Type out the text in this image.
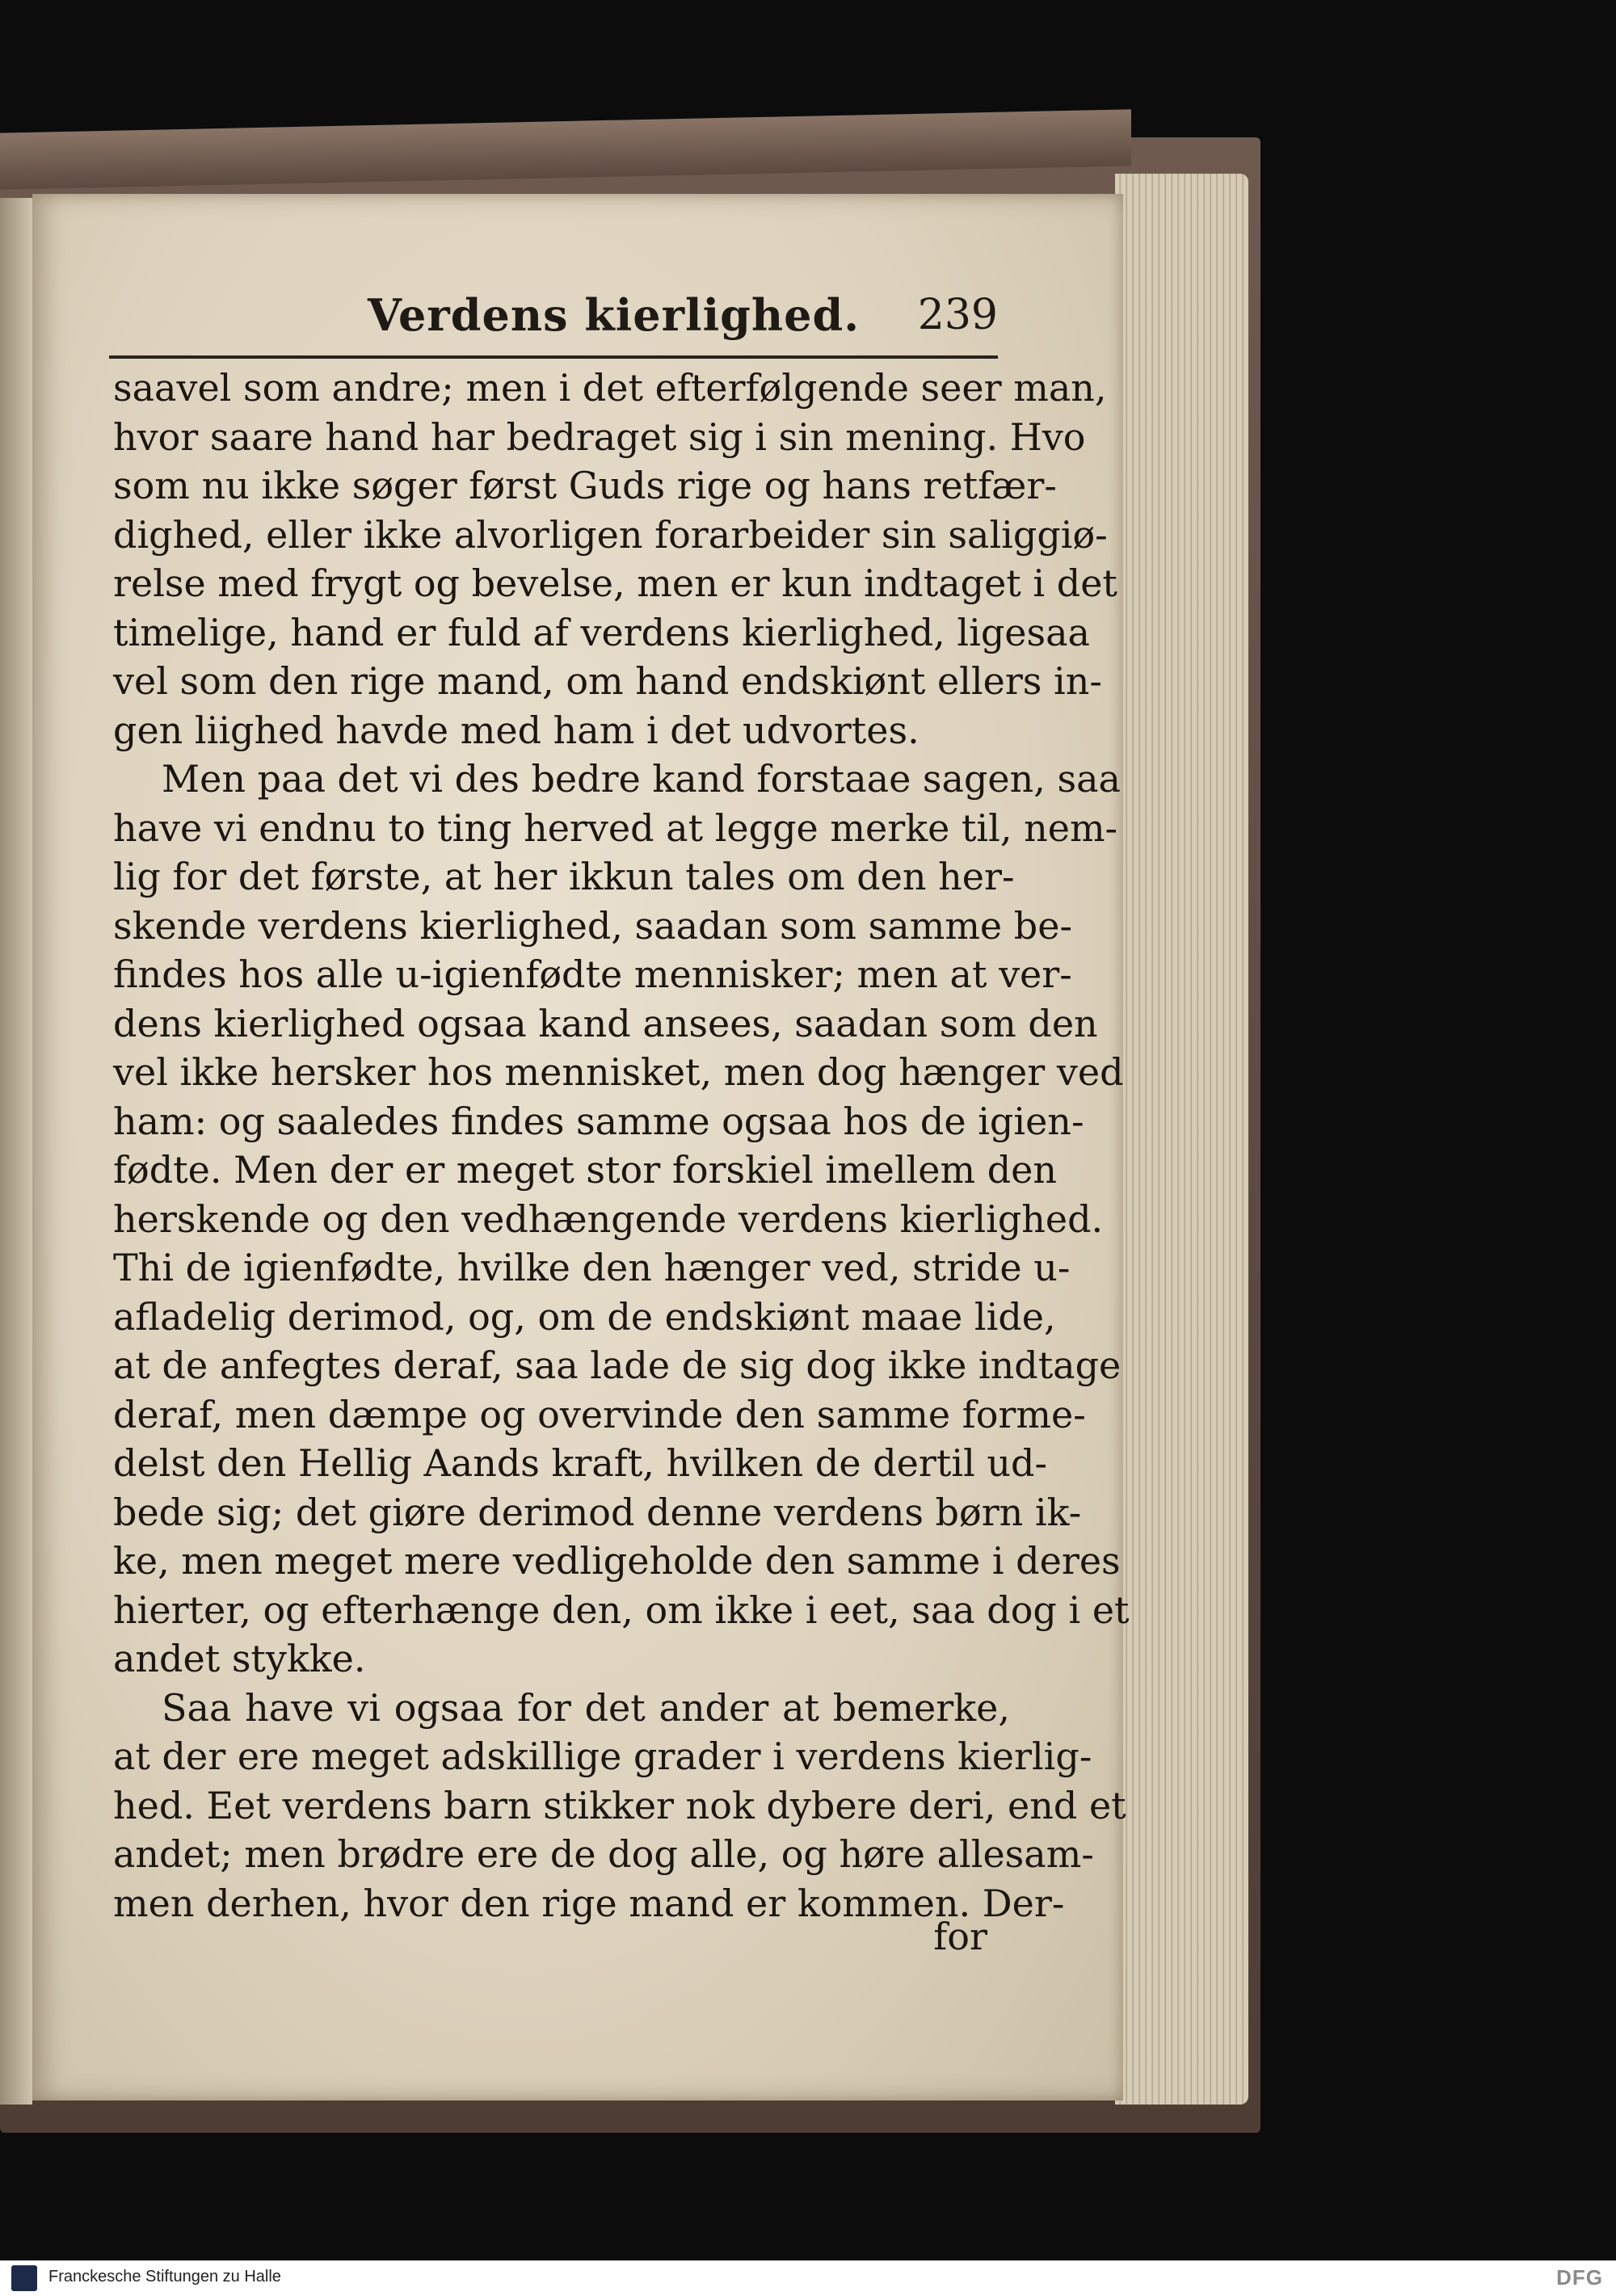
Verdens kierlighed. 239
saavel som andre; men i det efterfølgende seer man,
hvor saare hand har bedraget sig i sin mening. Hvo
som nu ikke søger først Guds rige og hans retfær-
dighed, eller ikke alvorligen forarbeider sin saliggiø-
relse med frygt og bevelse, men er kun indtaget i det
timelige, hand er fuld af verdens kierlighed, ligesaa
vel som den rige mand, om hand endskiønt ellers in-
gen liighed havde med ham i det udvortes.
Men paa det vi des bedre kand forstaae sagen, saa
have vi endnu to ting herved at legge merke til, nem-
lig for det første, at her ikkun tales om den her-
skende verdens kierlighed, saadan som samme be-
findes hos alle u-igienfødte mennisker; men at ver-
dens kierlighed ogsaa kand ansees, saadan som den
vel ikke hersker hos mennisket, men dog hænger ved
ham: og saaledes findes samme ogsaa hos de igien-
fødte. Men der er meget stor forskiel imellem den
herskende og den vedhængende verdens kierlighed.
Thi de igienfødte, hvilke den hænger ved, stride u-
afladelig derimod, og, om de endskiønt maae lide,
at de anfegtes deraf, saa lade de sig dog ikke indtage
deraf, men dæmpe og overvinde den samme forme-
delst den Hellig Aands kraft, hvilken de dertil ud-
bede sig; det giøre derimod denne verdens børn ik-
ke, men meget mere vedligeholde den samme i deres
hierter, og efterhænge den, om ikke i eet, saa dog i et
andet stykke.
Saa have vi ogsaa for det ander at bemerke,
at der ere meget adskillige grader i verdens kierlig-
hed. Eet verdens barn stikker nok dybere deri, end et
andet; men brødre ere de dog alle, og høre allesam-
men derhen, hvor den rige mand er kommen. Der-
for
Franckesche Stiftungen zu Halle	DFG
